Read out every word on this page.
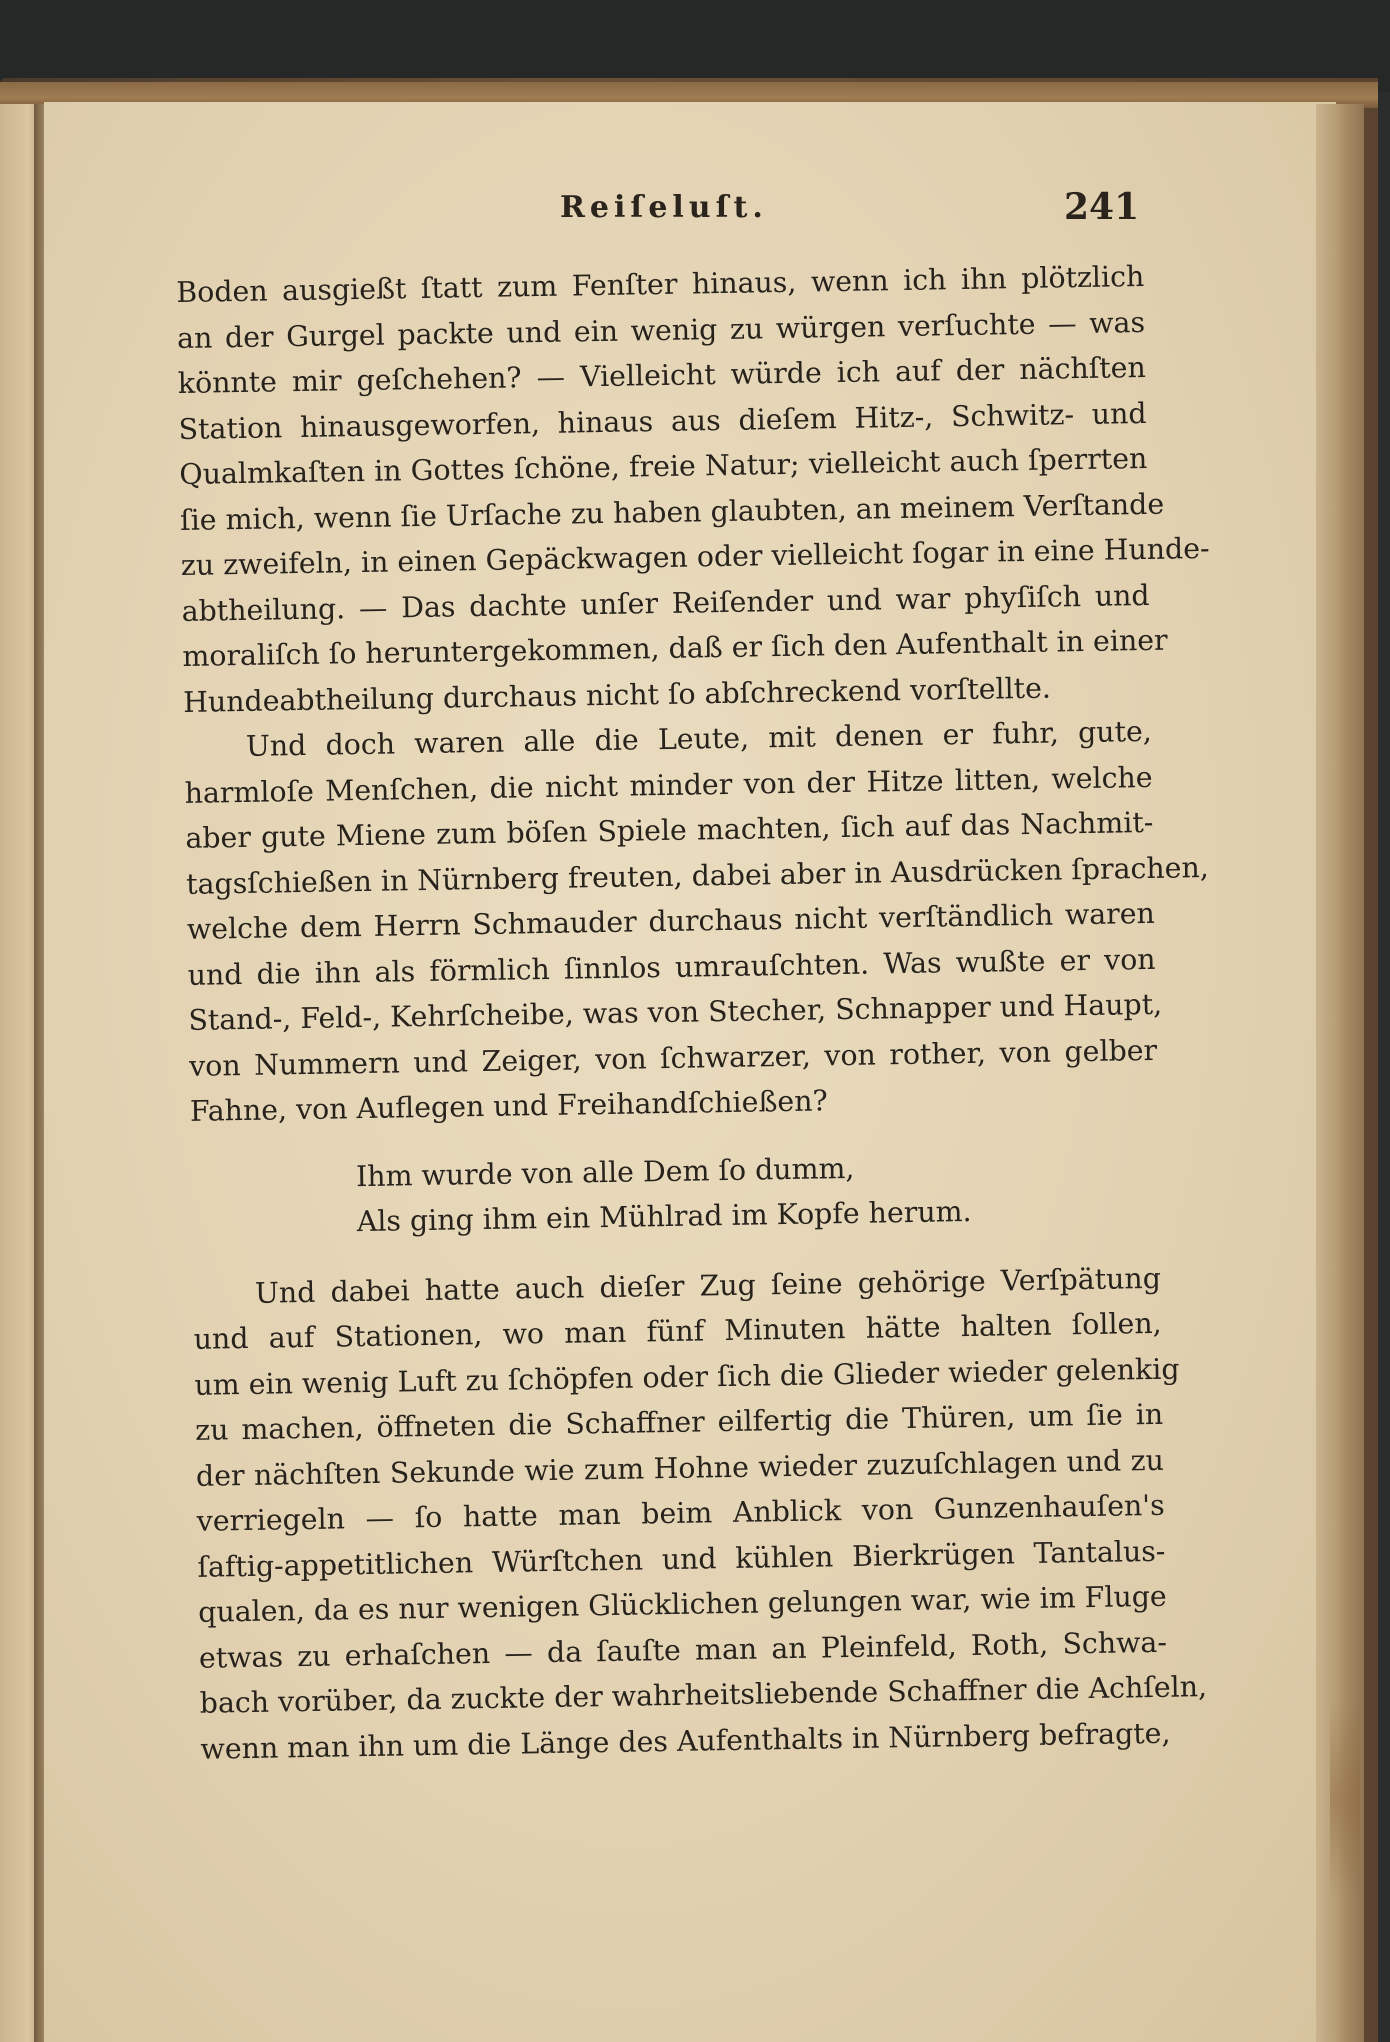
Reiſeluſt.	241
Boden ausgießt ſtatt zum Fenſter hinaus, wenn ich ihn plötzlich
an der Gurgel packte und ein wenig zu würgen verſuchte — was
könnte mir geſchehen? — Vielleicht würde ich auf der nächſten
Station hinausgeworfen, hinaus aus dieſem Hitz-, Schwitz- und
Qualmkaſten in Gottes ſchöne, freie Natur; vielleicht auch ſperrten
ſie mich, wenn ſie Urſache zu haben glaubten, an meinem Verſtande
zu zweifeln, in einen Gepäckwagen oder vielleicht ſogar in eine Hunde-
abtheilung. — Das dachte unſer Reiſender und war phyſiſch und
moraliſch ſo heruntergekommen, daß er ſich den Aufenthalt in einer
Hundeabtheilung durchaus nicht ſo abſchreckend vorſtellte.
Und doch waren alle die Leute, mit denen er fuhr, gute,
harmloſe Menſchen, die nicht minder von der Hitze litten, welche
aber gute Miene zum böſen Spiele machten, ſich auf das Nachmit-
tagsſchießen in Nürnberg freuten, dabei aber in Ausdrücken ſprachen,
welche dem Herrn Schmauder durchaus nicht verſtändlich waren
und die ihn als förmlich ſinnlos umrauſchten. Was wußte er von
Stand-, Feld-, Kehrſcheibe, was von Stecher, Schnapper und Haupt,
von Nummern und Zeiger, von ſchwarzer, von rother, von gelber
Fahne, von Auflegen und Freihandſchießen?
Ihm wurde von alle Dem ſo dumm,
Als ging ihm ein Mühlrad im Kopfe herum.
Und dabei hatte auch dieſer Zug ſeine gehörige Verſpätung
und auf Stationen, wo man fünf Minuten hätte halten ſollen,
um ein wenig Luft zu ſchöpfen oder ſich die Glieder wieder gelenkig
zu machen, öffneten die Schaffner eilfertig die Thüren, um ſie in
der nächſten Sekunde wie zum Hohne wieder zuzuſchlagen und zu
verriegeln — ſo hatte man beim Anblick von Gunzenhauſen's
ſaftig-appetitlichen Würſtchen und kühlen Bierkrügen Tantalus-
qualen, da es nur wenigen Glücklichen gelungen war, wie im Fluge
etwas zu erhaſchen — da ſauſte man an Pleinfeld, Roth, Schwa-
bach vorüber, da zuckte der wahrheitsliebende Schaffner die Achſeln,
wenn man ihn um die Länge des Aufenthalts in Nürnberg befragte,
